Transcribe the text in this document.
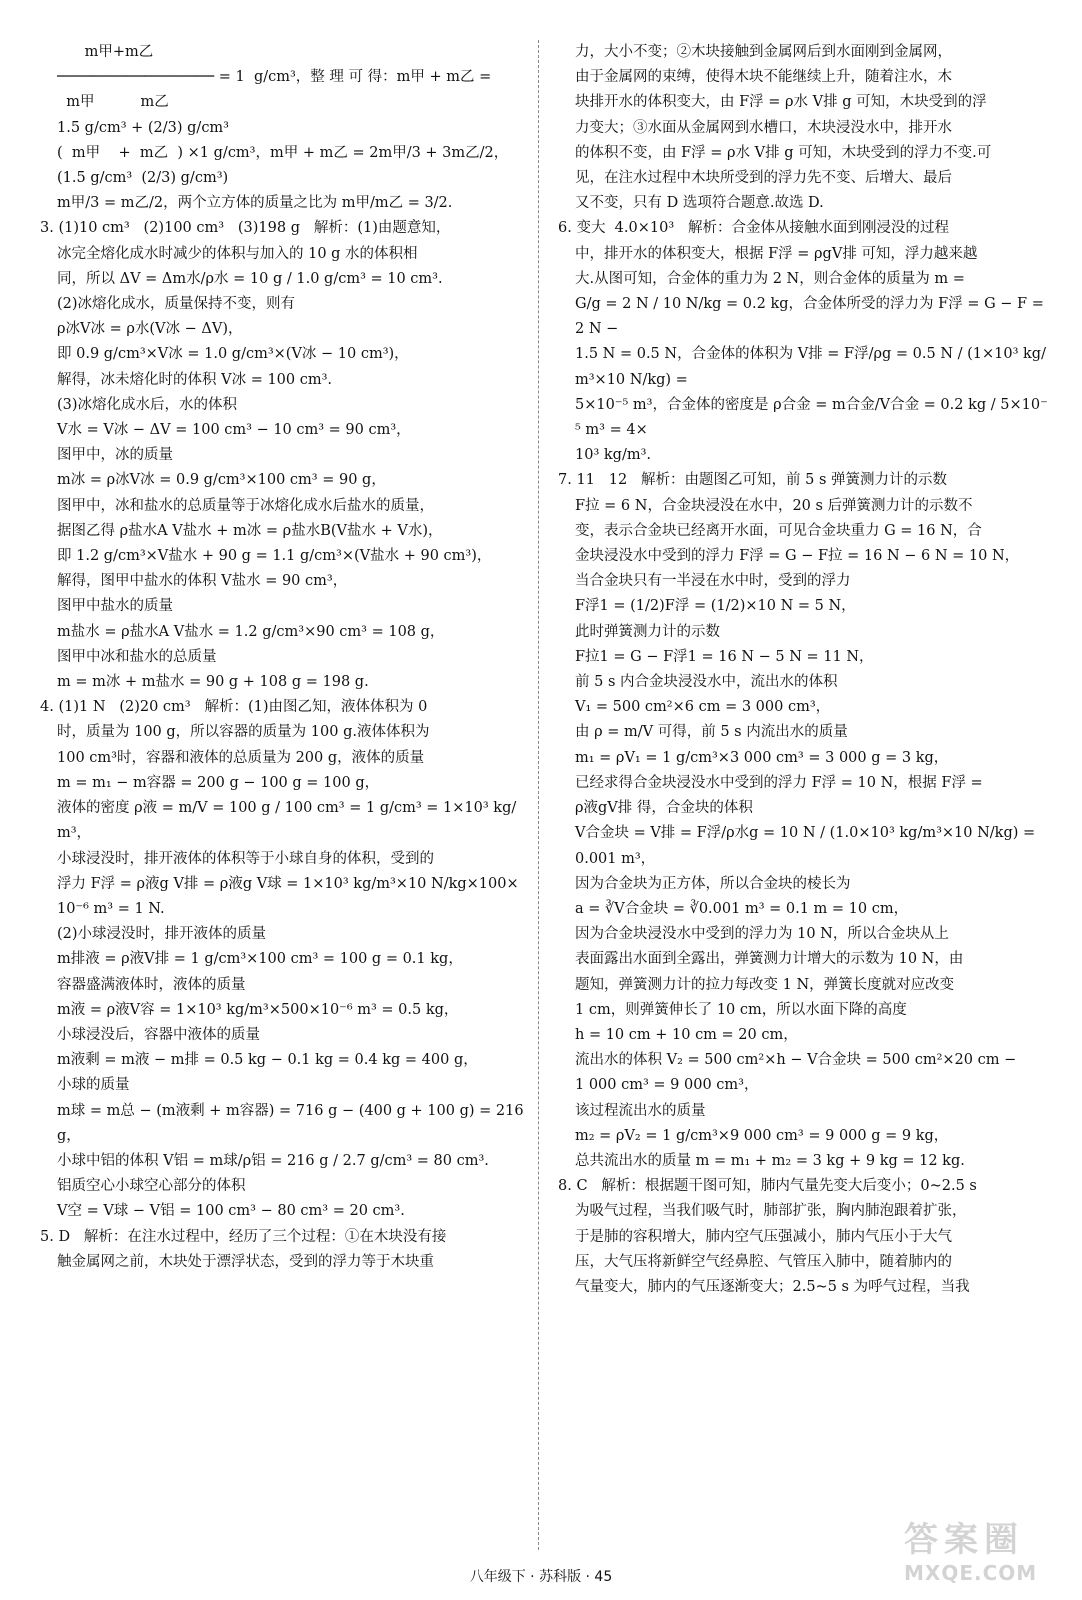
m甲+m乙
────────────────── = 1  g/cm³，整 理 可 得：m甲 + m乙 =
m甲          m乙
1.5 g/cm³ + (2/3) g/cm³
(  m甲    +  m乙  ) ×1 g/cm³，m甲 + m乙 = 2m甲/3 + 3m乙/2，
(1.5 g/cm³  (2/3) g/cm³)
m甲/3 = m乙/2，两个立方体的质量之比为 m甲/m乙 = 3/2.
3. (1)10 cm³   (2)100 cm³   (3)198 g   解析：(1)由题意知，
冰完全熔化成水时减少的体积与加入的 10 g 水的体积相
同，所以 ΔV = Δm水/ρ水 = 10 g / 1.0 g/cm³ = 10 cm³.
(2)冰熔化成水，质量保持不变，则有
ρ冰V冰 = ρ水(V冰 − ΔV)，
即 0.9 g/cm³×V冰 = 1.0 g/cm³×(V冰 − 10 cm³)，
解得，冰未熔化时的体积 V冰 = 100 cm³.
(3)冰熔化成水后，水的体积
V水 = V冰 − ΔV = 100 cm³ − 10 cm³ = 90 cm³，
图甲中，冰的质量
m冰 = ρ冰V冰 = 0.9 g/cm³×100 cm³ = 90 g，
图甲中，冰和盐水的总质量等于冰熔化成水后盐水的质量，
据图乙得 ρ盐水A V盐水 + m冰 = ρ盐水B(V盐水 + V水)，
即 1.2 g/cm³×V盐水 + 90 g = 1.1 g/cm³×(V盐水 + 90 cm³)，
解得，图甲中盐水的体积 V盐水 = 90 cm³，
图甲中盐水的质量
m盐水 = ρ盐水A V盐水 = 1.2 g/cm³×90 cm³ = 108 g，
图甲中冰和盐水的总质量
m = m冰 + m盐水 = 90 g + 108 g = 198 g.
4. (1)1 N   (2)20 cm³   解析：(1)由图乙知，液体体积为 0
时，质量为 100 g，所以容器的质量为 100 g.液体体积为
100 cm³时，容器和液体的总质量为 200 g，液体的质量
m = m₁ − m容器 = 200 g − 100 g = 100 g，
液体的密度 ρ液 = m/V = 100 g / 100 cm³ = 1 g/cm³ = 1×10³ kg/m³，
小球浸没时，排开液体的体积等于小球自身的体积，受到的
浮力 F浮 = ρ液g V排 = ρ液g V球 = 1×10³ kg/m³×10 N/kg×100×
10⁻⁶ m³ = 1 N.
(2)小球浸没时，排开液体的质量
m排液 = ρ液V排 = 1 g/cm³×100 cm³ = 100 g = 0.1 kg，
容器盛满液体时，液体的质量
m液 = ρ液V容 = 1×10³ kg/m³×500×10⁻⁶ m³ = 0.5 kg，
小球浸没后，容器中液体的质量
m液剩 = m液 − m排 = 0.5 kg − 0.1 kg = 0.4 kg = 400 g，
小球的质量
m球 = m总 − (m液剩 + m容器) = 716 g − (400 g + 100 g) = 216 g，
小球中铝的体积 V铝 = m球/ρ铝 = 216 g / 2.7 g/cm³ = 80 cm³.
铝质空心小球空心部分的体积
V空 = V球 − V铝 = 100 cm³ − 80 cm³ = 20 cm³.
5. D   解析：在注水过程中，经历了三个过程：①在木块没有接
触金属网之前，木块处于漂浮状态，受到的浮力等于木块重
力，大小不变；②木块接触到金属网后到水面刚到金属网，
由于金属网的束缚，使得木块不能继续上升，随着注水，木
块排开水的体积变大，由 F浮 = ρ水 V排 g 可知，木块受到的浮
力变大；③水面从金属网到水槽口，木块浸没水中，排开水
的体积不变，由 F浮 = ρ水 V排 g 可知，木块受到的浮力不变.可
见，在注水过程中木块所受到的浮力先不变、后增大、最后
又不变，只有 D 选项符合题意.故选 D.
6. 变大  4.0×10³   解析：合金体从接触水面到刚浸没的过程
中，排开水的体积变大，根据 F浮 = ρgV排 可知，浮力越来越
大.从图可知，合金体的重力为 2 N，则合金体的质量为 m =
G/g = 2 N / 10 N/kg = 0.2 kg，合金体所受的浮力为 F浮 = G − F = 2 N −
1.5 N = 0.5 N，合金体的体积为 V排 = F浮/ρg = 0.5 N / (1×10³ kg/m³×10 N/kg) =
5×10⁻⁵ m³，合金体的密度是 ρ合金 = m合金/V合金 = 0.2 kg / 5×10⁻⁵ m³ = 4×
10³ kg/m³.
7. 11   12   解析：由题图乙可知，前 5 s 弹簧测力计的示数
F拉 = 6 N，合金块浸没在水中，20 s 后弹簧测力计的示数不
变，表示合金块已经离开水面，可见合金块重力 G = 16 N，合
金块浸没水中受到的浮力 F浮 = G − F拉 = 16 N − 6 N = 10 N，
当合金块只有一半浸在水中时，受到的浮力
F浮1 = (1/2)F浮 = (1/2)×10 N = 5 N，
此时弹簧测力计的示数
F拉1 = G − F浮1 = 16 N − 5 N = 11 N，
前 5 s 内合金块浸没水中，流出水的体积
V₁ = 500 cm²×6 cm = 3 000 cm³，
由 ρ = m/V 可得，前 5 s 内流出水的质量
m₁ = ρV₁ = 1 g/cm³×3 000 cm³ = 3 000 g = 3 kg，
已经求得合金块浸没水中受到的浮力 F浮 = 10 N，根据 F浮 =
ρ液gV排 得，合金块的体积
V合金块 = V排 = F浮/ρ水g = 10 N / (1.0×10³ kg/m³×10 N/kg) = 0.001 m³，
因为合金块为正方体，所以合金块的棱长为
a = ∛V合金块 = ∛0.001 m³ = 0.1 m = 10 cm，
因为合金块浸没水中受到的浮力为 10 N，所以合金块从上
表面露出水面到全露出，弹簧测力计增大的示数为 10 N，由
题知，弹簧测力计的拉力每改变 1 N，弹簧长度就对应改变
1 cm，则弹簧伸长了 10 cm，所以水面下降的高度
h = 10 cm + 10 cm = 20 cm，
流出水的体积 V₂ = 500 cm²×h − V合金块 = 500 cm²×20 cm −
1 000 cm³ = 9 000 cm³，
该过程流出水的质量
m₂ = ρV₂ = 1 g/cm³×9 000 cm³ = 9 000 g = 9 kg，
总共流出水的质量 m = m₁ + m₂ = 3 kg + 9 kg = 12 kg.
8. C   解析：根据题干图可知，肺内气量先变大后变小；0~2.5 s
为吸气过程，当我们吸气时，肺部扩张，胸内肺泡跟着扩张，
于是肺的容积增大，肺内空气压强减小，肺内气压小于大气
压，大气压将新鲜空气经鼻腔、气管压入肺中，随着肺内的
气量变大，肺内的气压逐渐变大；2.5~5 s 为呼气过程，当我
八年级下 · 苏科版 · 45
答案圈
MXQE.COM
